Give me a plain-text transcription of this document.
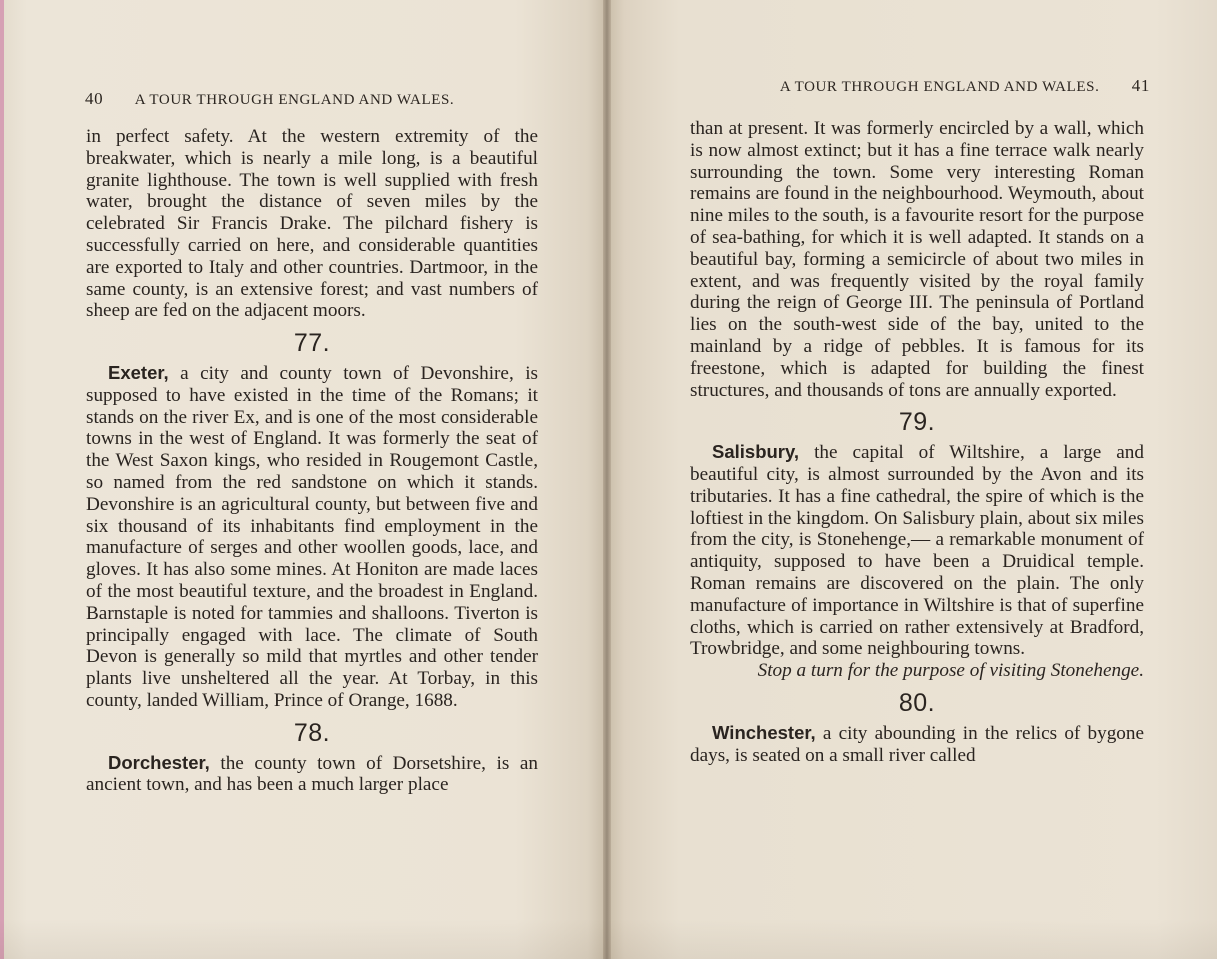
40 A TOUR THROUGH ENGLAND AND WALES.

in perfect safety. At the western extremity of the breakwater, which is nearly a mile long, is a beautiful granite lighthouse. The town is well supplied with fresh water, brought the distance of seven miles by the celebrated Sir Francis Drake. The pilchard fishery is successfully carried on here, and considerable quantities are exported to Italy and other countries. Dartmoor, in the same county, is an extensive forest; and vast numbers of sheep are fed on the adjacent moors.

77.

Exeter, a city and county town of Devonshire, is supposed to have existed in the time of the Romans; it stands on the river Ex, and is one of the most considerable towns in the west of England. It was formerly the seat of the West Saxon kings, who resided in Rougemont Castle, so named from the red sandstone on which it stands. Devonshire is an agricultural county, but between five and six thousand of its inhabitants find employment in the manufacture of serges and other woollen goods, lace, and gloves. It has also some mines. At Honiton are made laces of the most beautiful texture, and the broadest in England. Barnstaple is noted for tammies and shalloons. Tiverton is principally engaged with lace. The climate of South Devon is generally so mild that myrtles and other tender plants live unsheltered all the year. At Torbay, in this county, landed William, Prince of Orange, 1688.

78.

Dorchester, the county town of Dorsetshire, is an ancient town, and has been a much larger place

A TOUR THROUGH ENGLAND AND WALES. 41

than at present. It was formerly encircled by a wall, which is now almost extinct; but it has a fine terrace walk nearly surrounding the town. Some very interesting Roman remains are found in the neighbourhood. Weymouth, about nine miles to the south, is a favourite resort for the purpose of sea-bathing, for which it is well adapted. It stands on a beautiful bay, forming a semicircle of about two miles in extent, and was frequently visited by the royal family during the reign of George III. The peninsula of Portland lies on the south-west side of the bay, united to the mainland by a ridge of pebbles. It is famous for its freestone, which is adapted for building the finest structures, and thousands of tons are annually exported.

79.

Salisbury, the capital of Wiltshire, a large and beautiful city, is almost surrounded by the Avon and its tributaries. It has a fine cathedral, the spire of which is the loftiest in the kingdom. On Salisbury plain, about six miles from the city, is Stonehenge,— a remarkable monument of antiquity, supposed to have been a Druidical temple. Roman remains are discovered on the plain. The only manufacture of importance in Wiltshire is that of superfine cloths, which is carried on rather extensively at Bradford, Trowbridge, and some neighbouring towns.

Stop a turn for the purpose of visiting Stonehenge.

80.

Winchester, a city abounding in the relics of bygone days, is seated on a small river called
